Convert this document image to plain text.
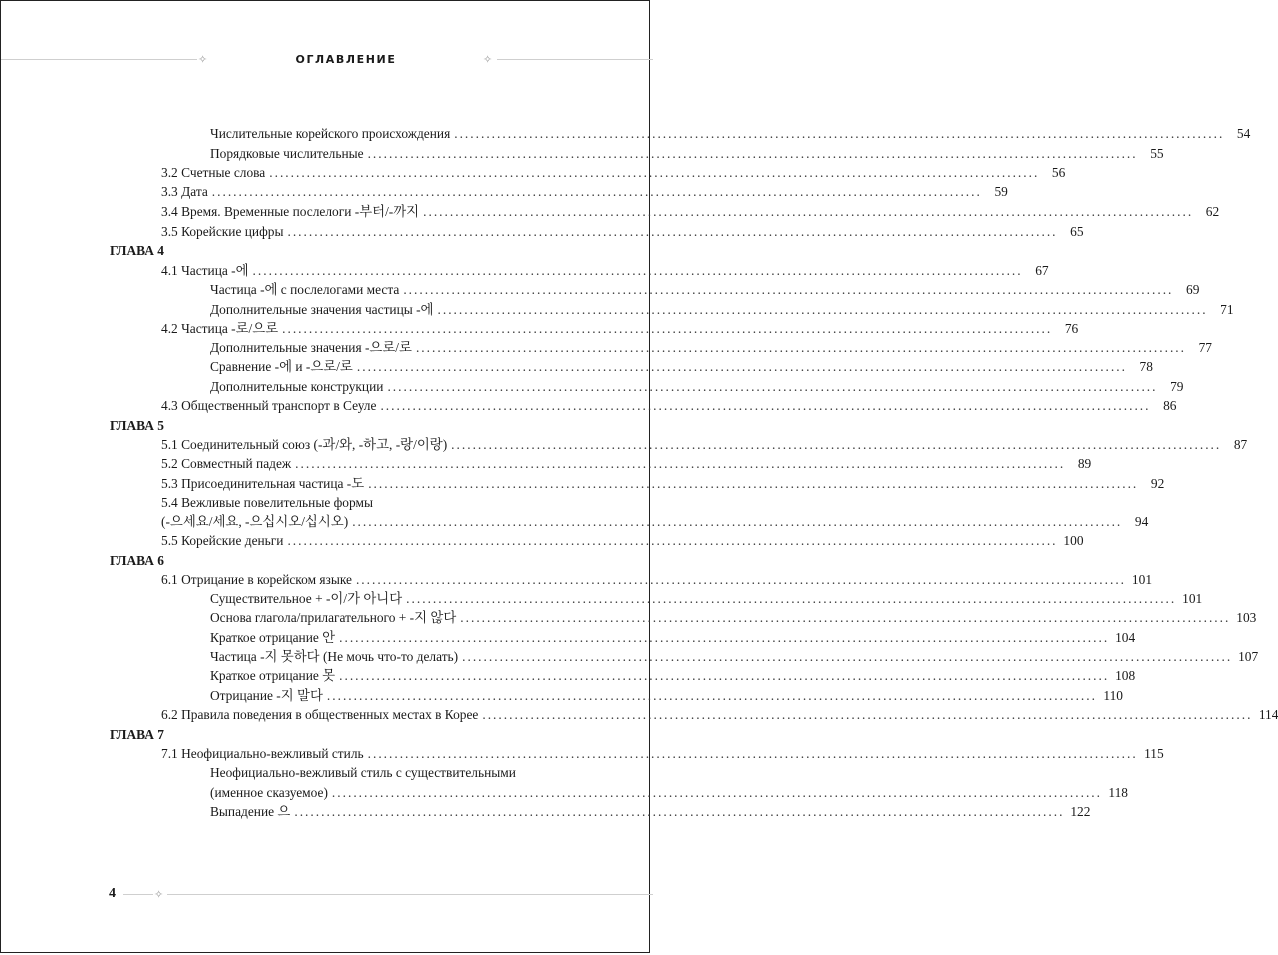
✧	ОГЛАВЛЕНИЕ	✧
Числительные корейского происхождения ................................................................................................................................................ 54
Порядковые числительные ................................................................................................................................................ 55
3.2 Счетные слова ................................................................................................................................................ 56
3.3 Дата ................................................................................................................................................ 59
3.4 Время. Временные послелоги -부터/-까지 ................................................................................................................................................ 62
3.5 Корейские цифры ................................................................................................................................................ 65
ГЛАВА 4
4.1 Частица -에 ................................................................................................................................................ 67
Частица -에 с послелогами места ................................................................................................................................................ 69
Дополнительные значения частицы -에 ................................................................................................................................................ 71
4.2 Частица -로/으로 ................................................................................................................................................ 76
Дополнительные значения -으로/로 ................................................................................................................................................ 77
Сравнение -에 и -으로/로 ................................................................................................................................................ 78
Дополнительные конструкции ................................................................................................................................................ 79
4.3 Общественный транспорт в Сеуле ................................................................................................................................................ 86
ГЛАВА 5
5.1 Соединительный союз (-과/와, -하고, -랑/이랑) ................................................................................................................................................ 87
5.2 Совместный падеж ................................................................................................................................................ 89
5.3 Присоединительная частица -도 ................................................................................................................................................ 92
5.4 Вежливые повелительные формы
(-으세요/세요, -으십시오/십시오) ................................................................................................................................................ 94
5.5 Корейские деньги ................................................................................................................................................ 100
ГЛАВА 6
6.1 Отрицание в корейском языке ................................................................................................................................................ 101
Существительное + -이/가 아니다 ................................................................................................................................................ 101
Основа глагола/прилагательного + -지 않다 ................................................................................................................................................ 103
Краткое отрицание 안 ................................................................................................................................................ 104
Частица -지 못하다 (Не мочь что-то делать) ................................................................................................................................................ 107
Краткое отрицание 못 ................................................................................................................................................ 108
Отрицание -지 말다 ................................................................................................................................................ 110
6.2 Правила поведения в общественных местах в Корее ................................................................................................................................................ 114
ГЛАВА 7
7.1 Неофициально-вежливый стиль ................................................................................................................................................ 115
Неофициально-вежливый стиль с существительными
(именное сказуемое) ................................................................................................................................................ 118
Выпадение 으 ................................................................................................................................................ 122
4	✧
